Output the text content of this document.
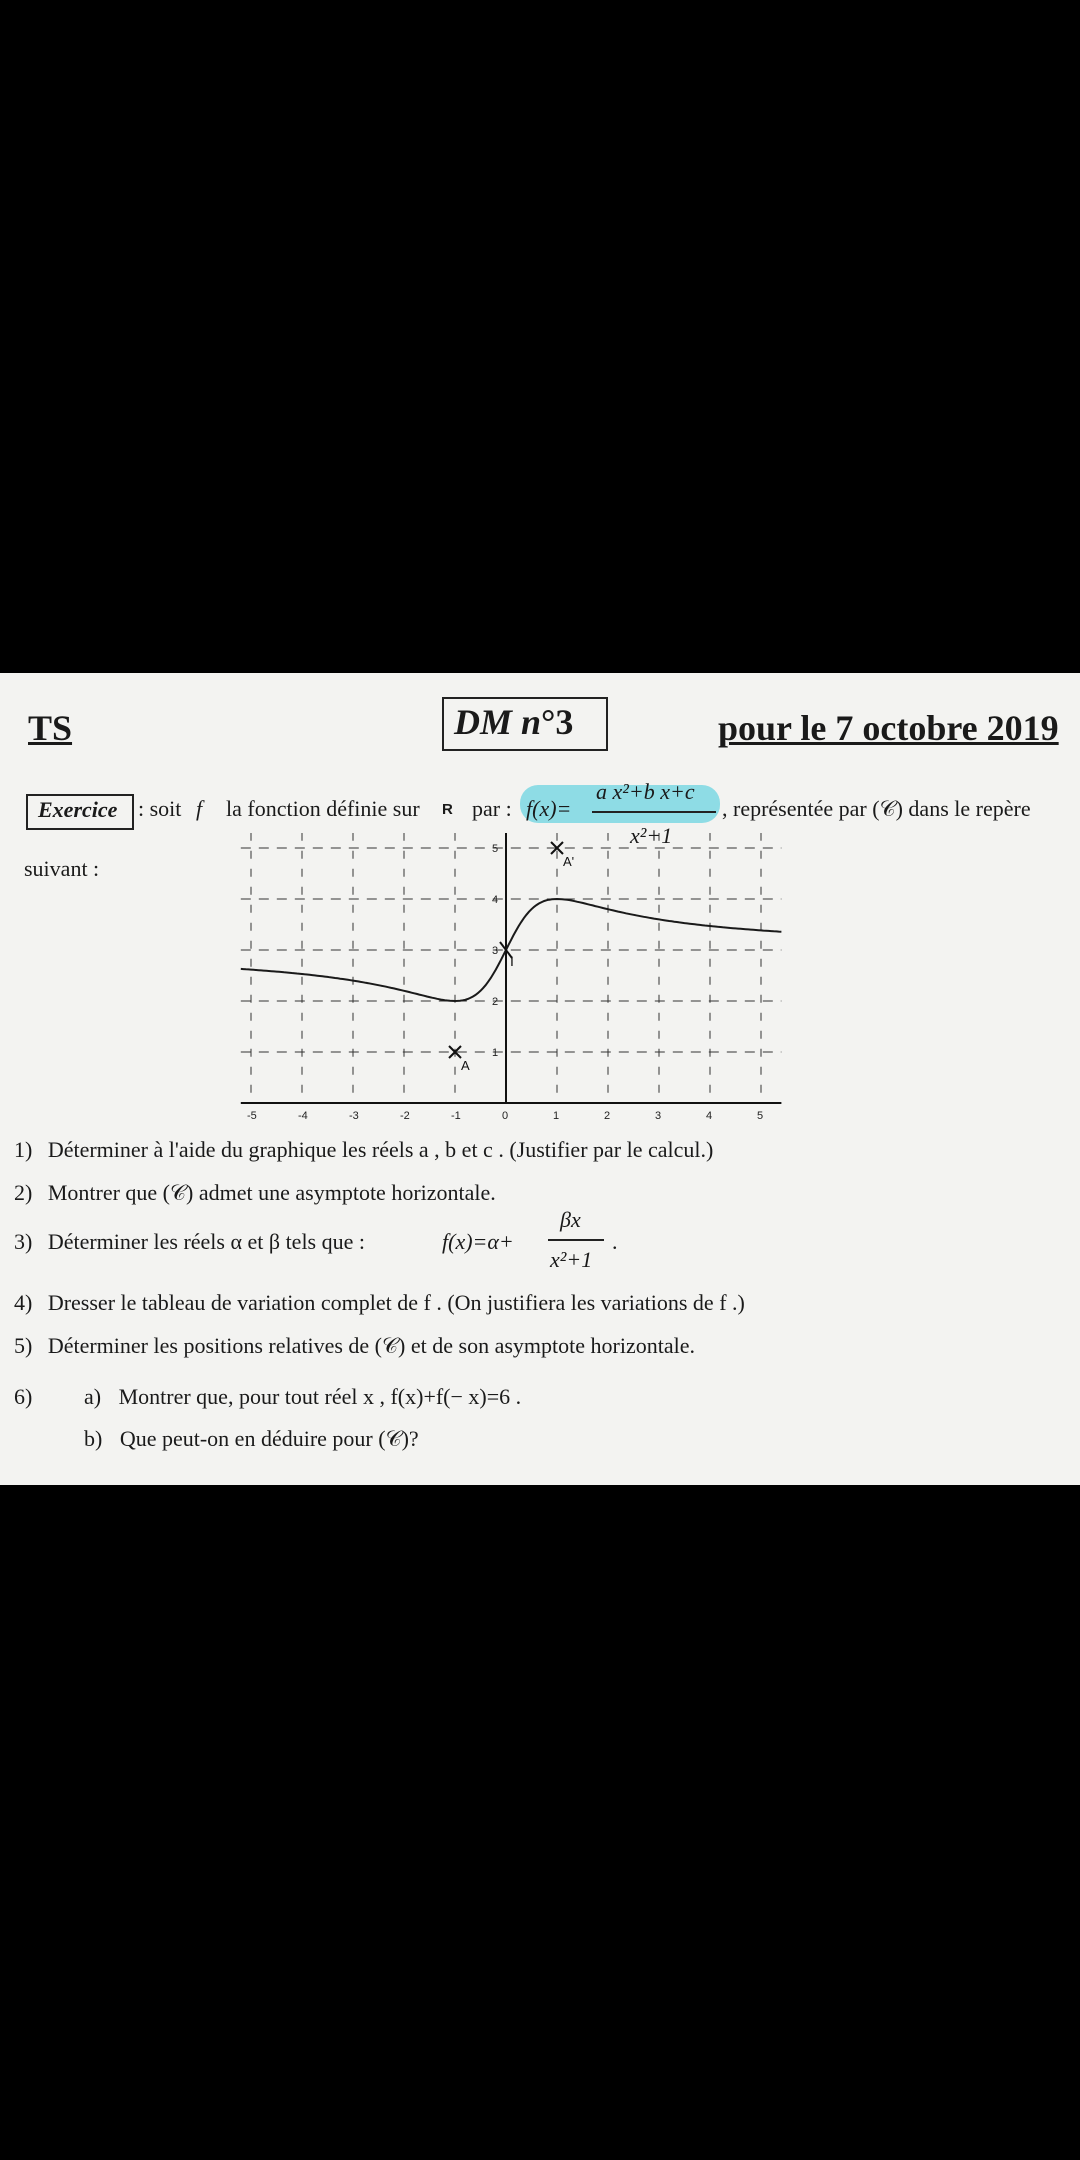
TS	DM n°3	pour le 7 octobre 2019
Exercice : soit f la fonction définie sur R par : f(x)=
a x²+b x+c
x²+1
, représentée par (𝒞) dans le repère
suivant :
A
A'
I
-5	-4	-3	-2	-1	0	1	2	3	4	5
1
2
3
4
5
1) Déterminer à l'aide du graphique les réels a , b et c . (Justifier par le calcul.)
2) Montrer que (𝒞) admet une asymptote horizontale.
3) Déterminer les réels α et β tels que :	f(x)=α+
βx
x²+1
.
4) Dresser le tableau de variation complet de f . (On justifiera les variations de f .)
5) Déterminer les positions relatives de (𝒞) et de son asymptote horizontale.
6) a) Montrer que, pour tout réel x , f(x)+f(− x)=6 .
b) Que peut-on en déduire pour (𝒞)?
